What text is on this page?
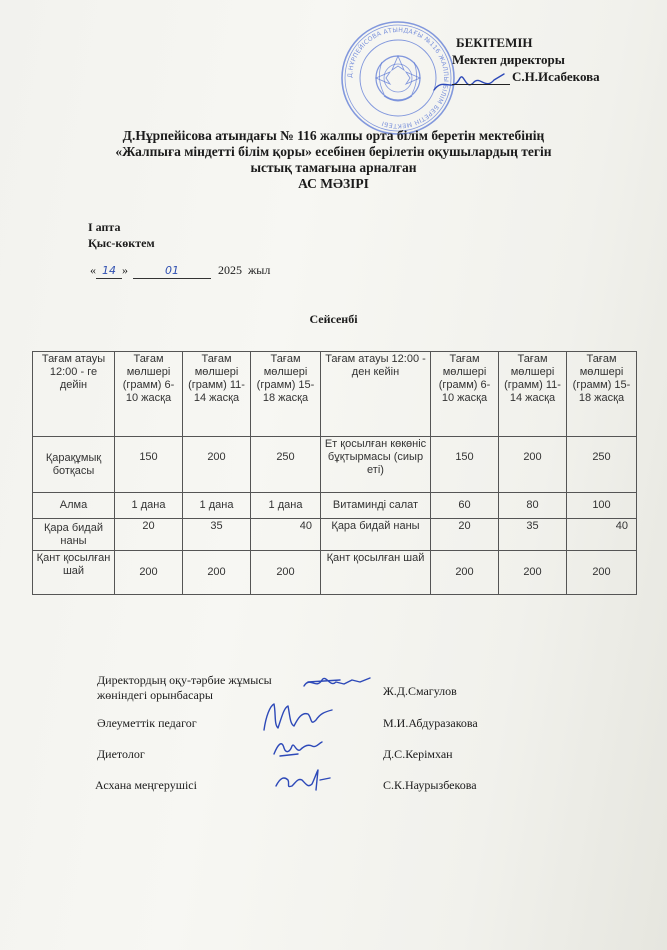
Д.НҰРПЕЙІСОВА АТЫНДАҒЫ №116 ЖАЛПЫ БІЛІМ БЕРЕТІН МЕКТЕБІ
БЕКІТЕМІН
Мектеп директоры
С.Н.Исабекова
Д.Нұрпейісова атындағы № 116 жалпы орта білім беретін мектебінің
«Жалпыға міндетті білім қоры» есебінен берілетін оқушылардың тегін
ыстық тамағына арналған
АС МӘЗІРІ
I апта
Қыс-көктем
« 14 »	01	2025 жыл
Сейсенбі
Тағам атауы 12:00 - ге дейін	Тағам мөлшері (грамм) 6-10 жасқа	Тағам мөлшері (грамм) 11-14 жасқа	Тағам мөлшері (грамм) 15-18 жасқа	Тағам атауы 12:00 - ден кейін	Тағам мөлшері (грамм) 6-10 жасқа	Тағам мөлшері (грамм) 11-14 жасқа	Тағам мөлшері (грамм) 15-18 жасқа
Қарақұмық ботқасы	150	200	250	Ет қосылған көкөніс бұқтырмасы (сиыр еті)	150	200	250
Алма	1 дана	1 дана	1 дана	Витаминді салат	60	80	100
Қара бидай наны	20	35	40	Қара бидай наны	20	35	40
Қант қосылған шай	200	200	200	Қант қосылған шай	200	200	200
Директордың оқу-тәрбие жұмысы жөніндегі орынбасары	Ж.Д.Смагулов
Әлеуметтік педагог	М.И.Абдуразакова
Диетолог	Д.С.Керімхан
Асхана меңгерушісі	С.К.Наурызбекова
